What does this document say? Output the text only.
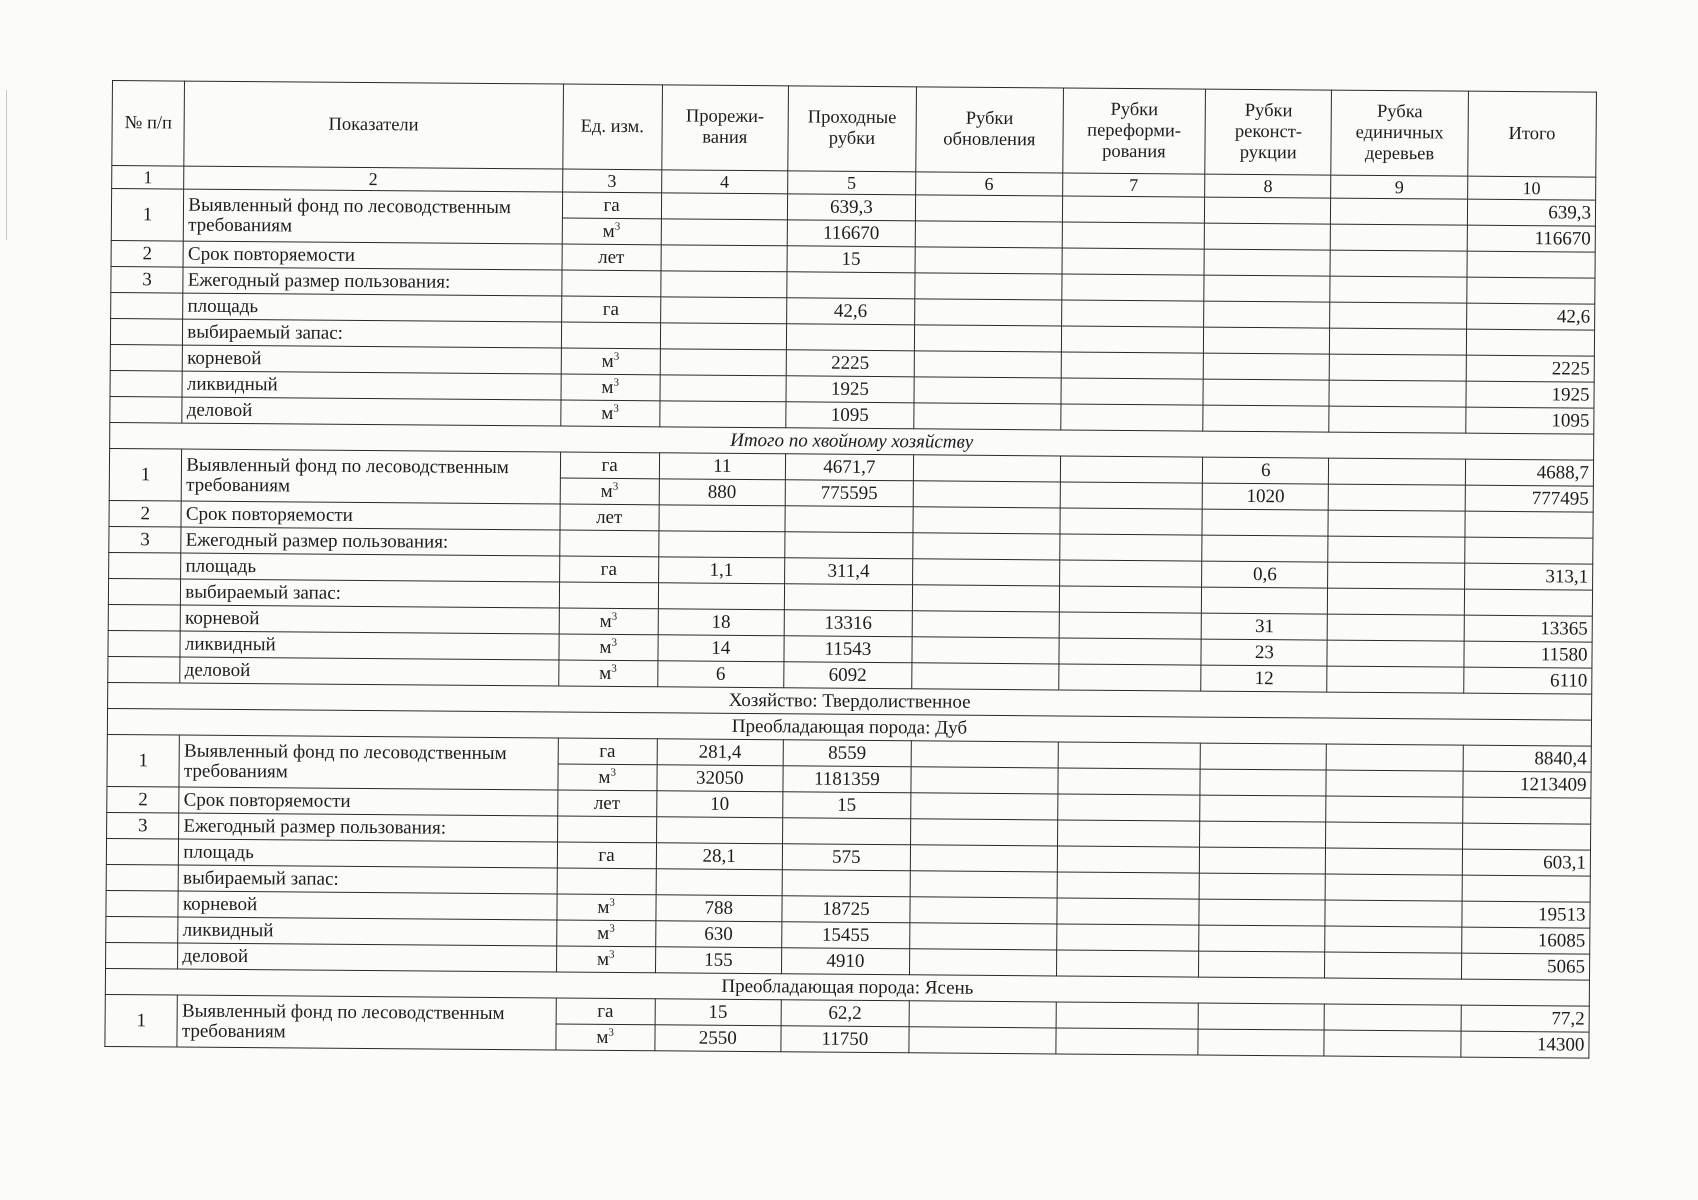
№ п/п	Показатели	Ед. изм.	Прорежи-вания	Проходные рубки	Рубки обновления	Рубки переформи-рования	Рубки реконст-рукции	Рубка единичных деревьев	Итого
1	2	3	4	5	6	7	8	9	10
1	Выявленный фонд по лесоводственным требованиям	га		639,3					639,3
		$м^3$		116670					116670
2	Срок повторяемости	лет		15					
3	Ежегодный размер пользования:								
	площадь	га		42,6					42,6
	выбираемый запас:								
	корневой	$м^3$		2225					2225
	ликвидный	$м^3$		1925					1925
	деловой	$м^3$		1095					1095
Итого по хвойному хозяйству									
1	Выявленный фонд по лесоводственным требованиям	га	11	4671,7			6		4688,7
		$м^3$	880	775595			1020		777495
2	Срок повторяемости	лет							
3	Ежегодный размер пользования:								
	площадь	га	1,1	311,4			0,6		313,1
	выбираемый запас:								
	корневой	$м^3$	18	13316			31		13365
	ликвидный	$м^3$	14	11543			23		11580
	деловой	$м^3$	6	6092			12		6110
Хозяйство: Твердолиственное									
Преобладающая порода: Дуб									
1	Выявленный фонд по лесоводственным требованиям	га	281,4	8559					8840,4
		$м^3$	32050	1181359					1213409
2	Срок повторяемости	лет	10	15					
3	Ежегодный размер пользования:								
	площадь	га	28,1	575					603,1
	выбираемый запас:								
	корневой	$м^3$	788	18725					19513
	ликвидный	$м^3$	630	15455					16085
	деловой	$м^3$	155	4910					5065
Преобладающая порода: Ясень									
1	Выявленный фонд по лесоводственным требованиям	га	15	62,2					77,2
		$м^3$	2550	11750					14300
